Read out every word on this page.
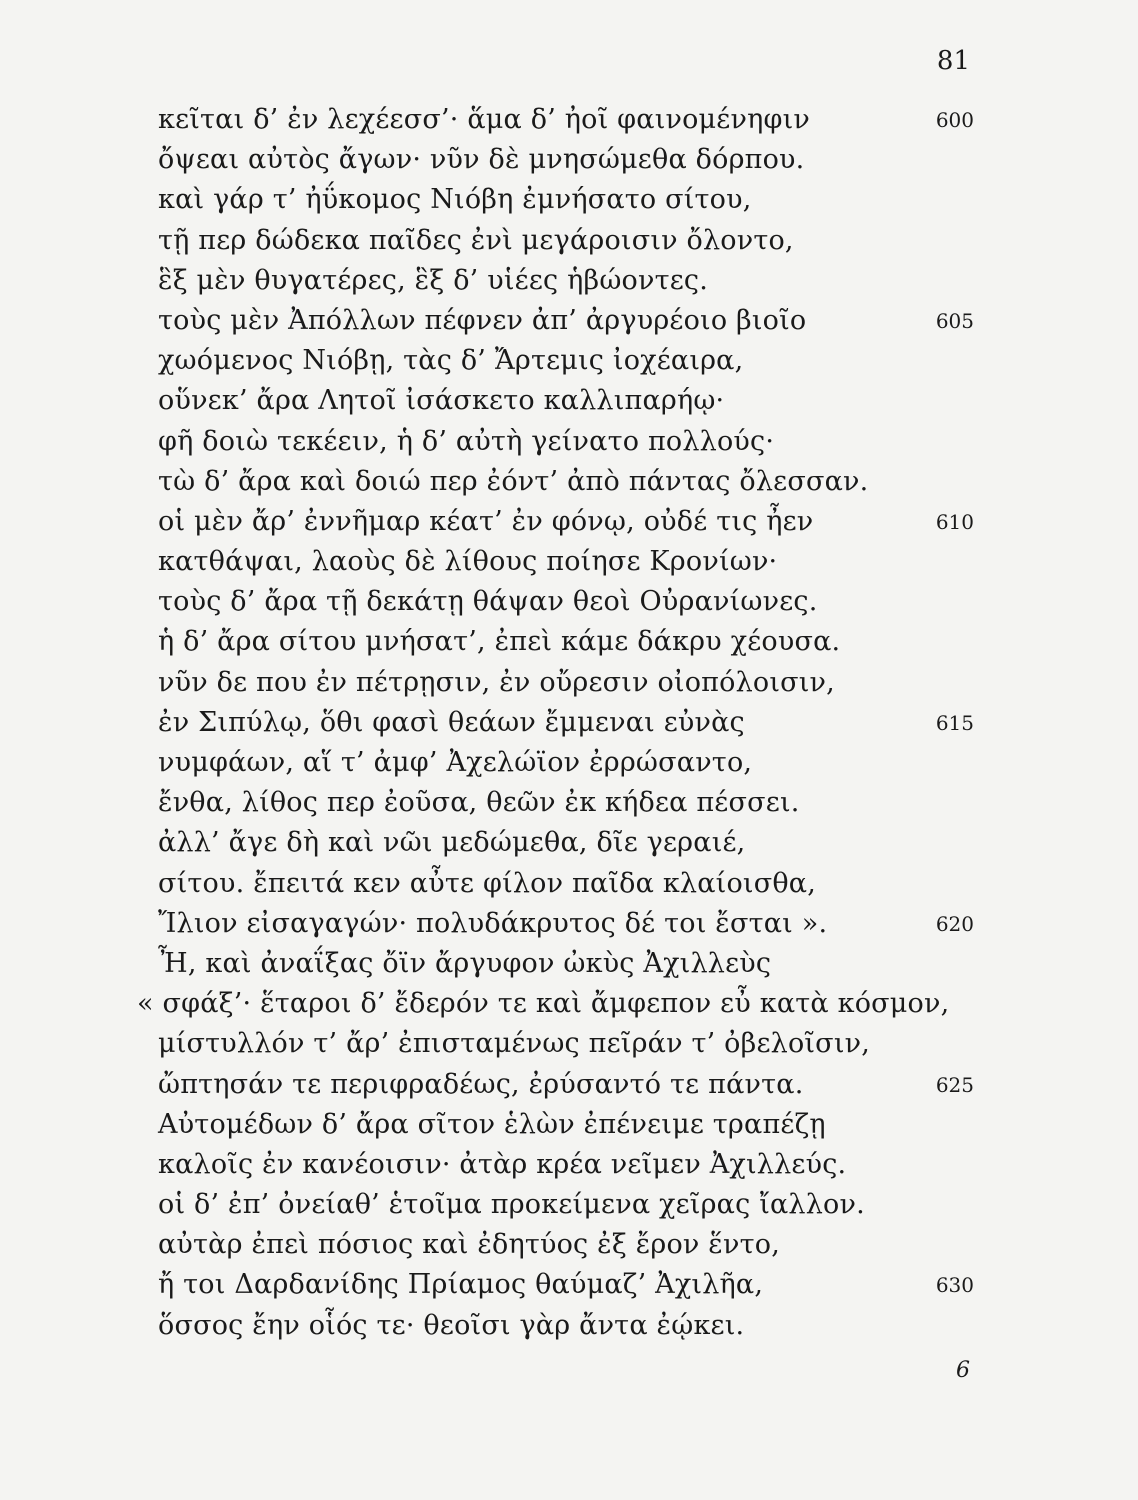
81
κεῖται δ’ ἐν λεχέεσσ’· ἅμα δ’ ἠοῖ φαινομένηφιν	600
ὄψεαι αὐτὸς ἄγων· νῦν δὲ μνησώμεθα δόρπου.
καὶ γάρ τ’ ἠΰκομος Νιόβη ἐμνήσατο σίτου,
τῇ περ δώδεκα παῖδες ἐνὶ μεγάροισιν ὄλοντο,
ἓξ μὲν θυγατέρες, ἓξ δ’ υἱέες ἡβώοντες.
τοὺς μὲν Ἀπόλλων πέφνεν ἀπ’ ἀργυρέοιο βιοῖο	605
χωόμενος Νιόβῃ, τὰς δ’ Ἄρτεμις ἰοχέαιρα,
οὕνεκ’ ἄρα Λητοῖ ἰσάσκετο καλλιπαρήῳ·
φῆ δοιὼ τεκέειν, ἡ δ’ αὐτὴ γείνατο πολλούς·
τὼ δ’ ἄρα καὶ δοιώ περ ἐόντ’ ἀπὸ πάντας ὄλεσσαν.
οἱ μὲν ἄρ’ ἐννῆμαρ κέατ’ ἐν φόνῳ, οὐδέ τις ἦεν	610
κατθάψαι, λαοὺς δὲ λίθους ποίησε Κρονίων·
τοὺς δ’ ἄρα τῇ δεκάτῃ θάψαν θεοὶ Οὐρανίωνες.
ἡ δ’ ἄρα σίτου μνήσατ’, ἐπεὶ κάμε δάκρυ χέουσα.
νῦν δε που ἐν πέτρῃσιν, ἐν οὔρεσιν οἰοπόλοισιν,
ἐν Σιπύλῳ, ὅθι φασὶ θεάων ἔμμεναι εὐνὰς	615
νυμφάων, αἵ τ’ ἀμφ’ Ἀχελώϊον ἐρρώσαντο,
ἔνθα, λίθος περ ἐοῦσα, θεῶν ἐκ κήδεα πέσσει.
ἀλλ’ ἄγε δὴ καὶ νῶι μεδώμεθα, δῖε γεραιέ,
σίτου. ἔπειτά κεν αὖτε φίλον παῖδα κλαίοισθα,
Ἴλιον εἰσαγαγών· πολυδάκρυτος δέ τοι ἔσται ».	620
Ἦ, καὶ ἀναΐξας ὄϊν ἄργυφον ὠκὺς Ἀχιλλεὺς
« σφάξ’· ἕταροι δ’ ἔδερόν τε καὶ ἄμφεπον εὖ κατὰ κόσμον,
μίστυλλόν τ’ ἄρ’ ἐπισταμένως πεῖράν τ’ ὀβελοῖσιν,
ὤπτησάν τε περιφραδέως, ἐρύσαντό τε πάντα.	625
Αὐτομέδων δ’ ἄρα σῖτον ἑλὼν ἐπένειμε τραπέζῃ
καλοῖς ἐν κανέοισιν· ἀτὰρ κρέα νεῖμεν Ἀχιλλεύς.
οἱ δ’ ἐπ’ ὀνείαθ’ ἑτοῖμα προκείμενα χεῖρας ἴαλλον.
αὐτὰρ ἐπεὶ πόσιος καὶ ἐδητύος ἐξ ἔρον ἕντο,
ἤ τοι Δαρδανίδης Πρίαμος θαύμαζ’ Ἀχιλῆα,	630
ὅσσος ἔην οἷός τε· θεοῖσι γὰρ ἄντα ἐῴκει.
6
